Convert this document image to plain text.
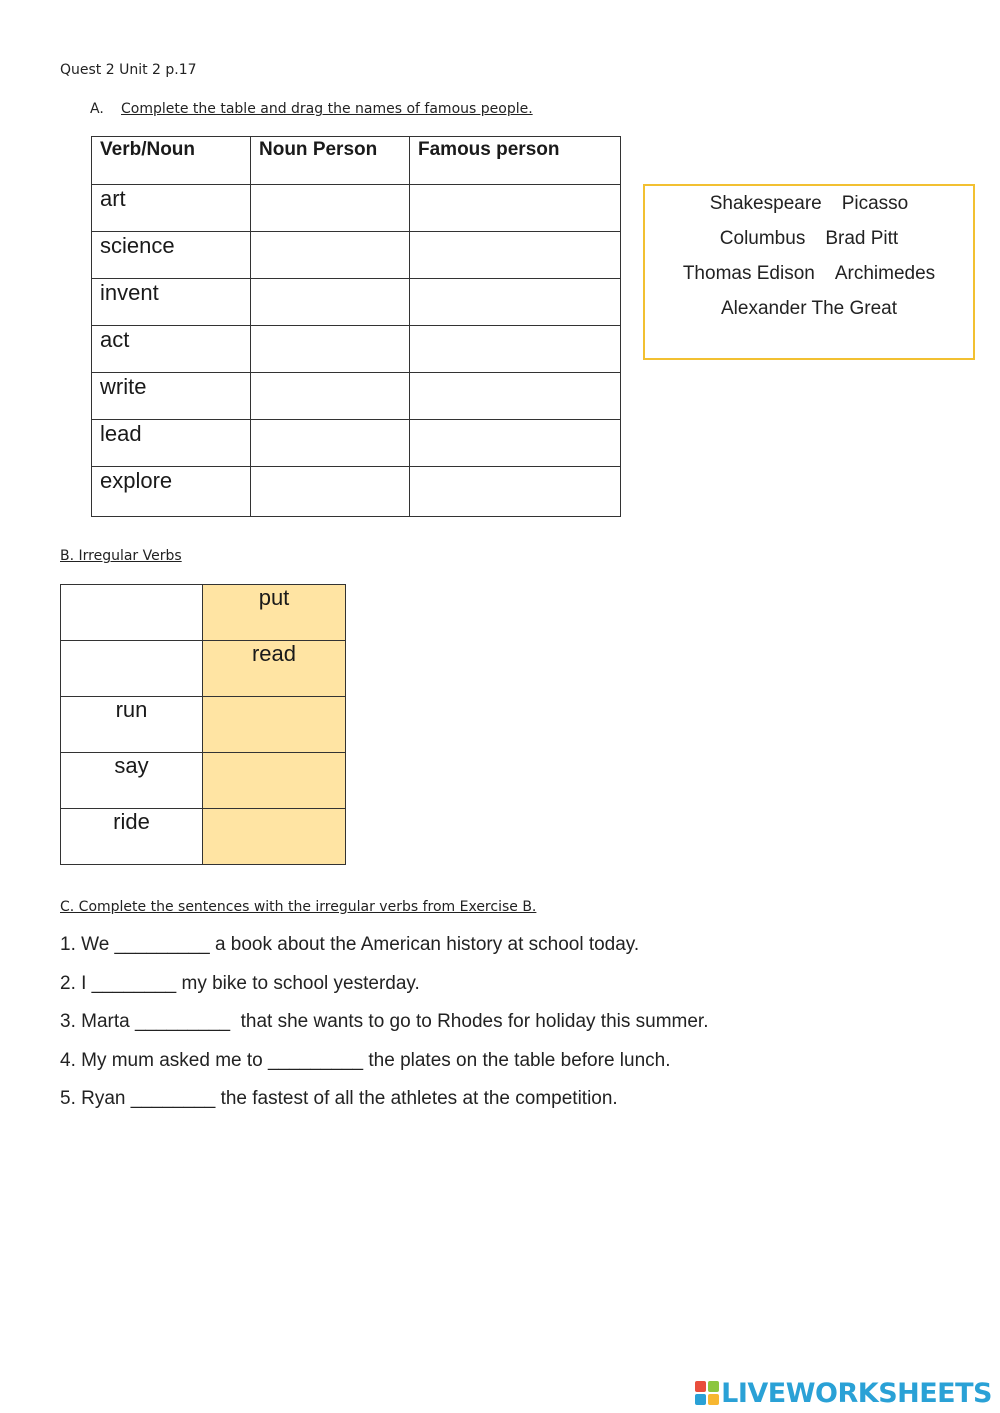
Quest 2 Unit 2 p.17
A. Complete the table and drag the names of famous people.
Verb/Noun	Noun Person	Famous person
art		
science		
invent		
act		
write		
lead		
explore		
Shakespeare Picasso
Columbus Brad Pitt
Thomas Edison Archimedes
Alexander The Great
B. Irregular Verbs
	put
	read
run	
say	
ride	
C. Complete the sentences with the irregular verbs from Exercise B.
1. We _________ a book about the American history at school today.
2. I ________ my bike to school yesterday.
3. Marta _________  that she wants to go to Rhodes for holiday this summer.
4. My mum asked me to _________ the plates on the table before lunch.
5. Ryan ________ the fastest of all the athletes at the competition.
LIVEWORKSHEETS
